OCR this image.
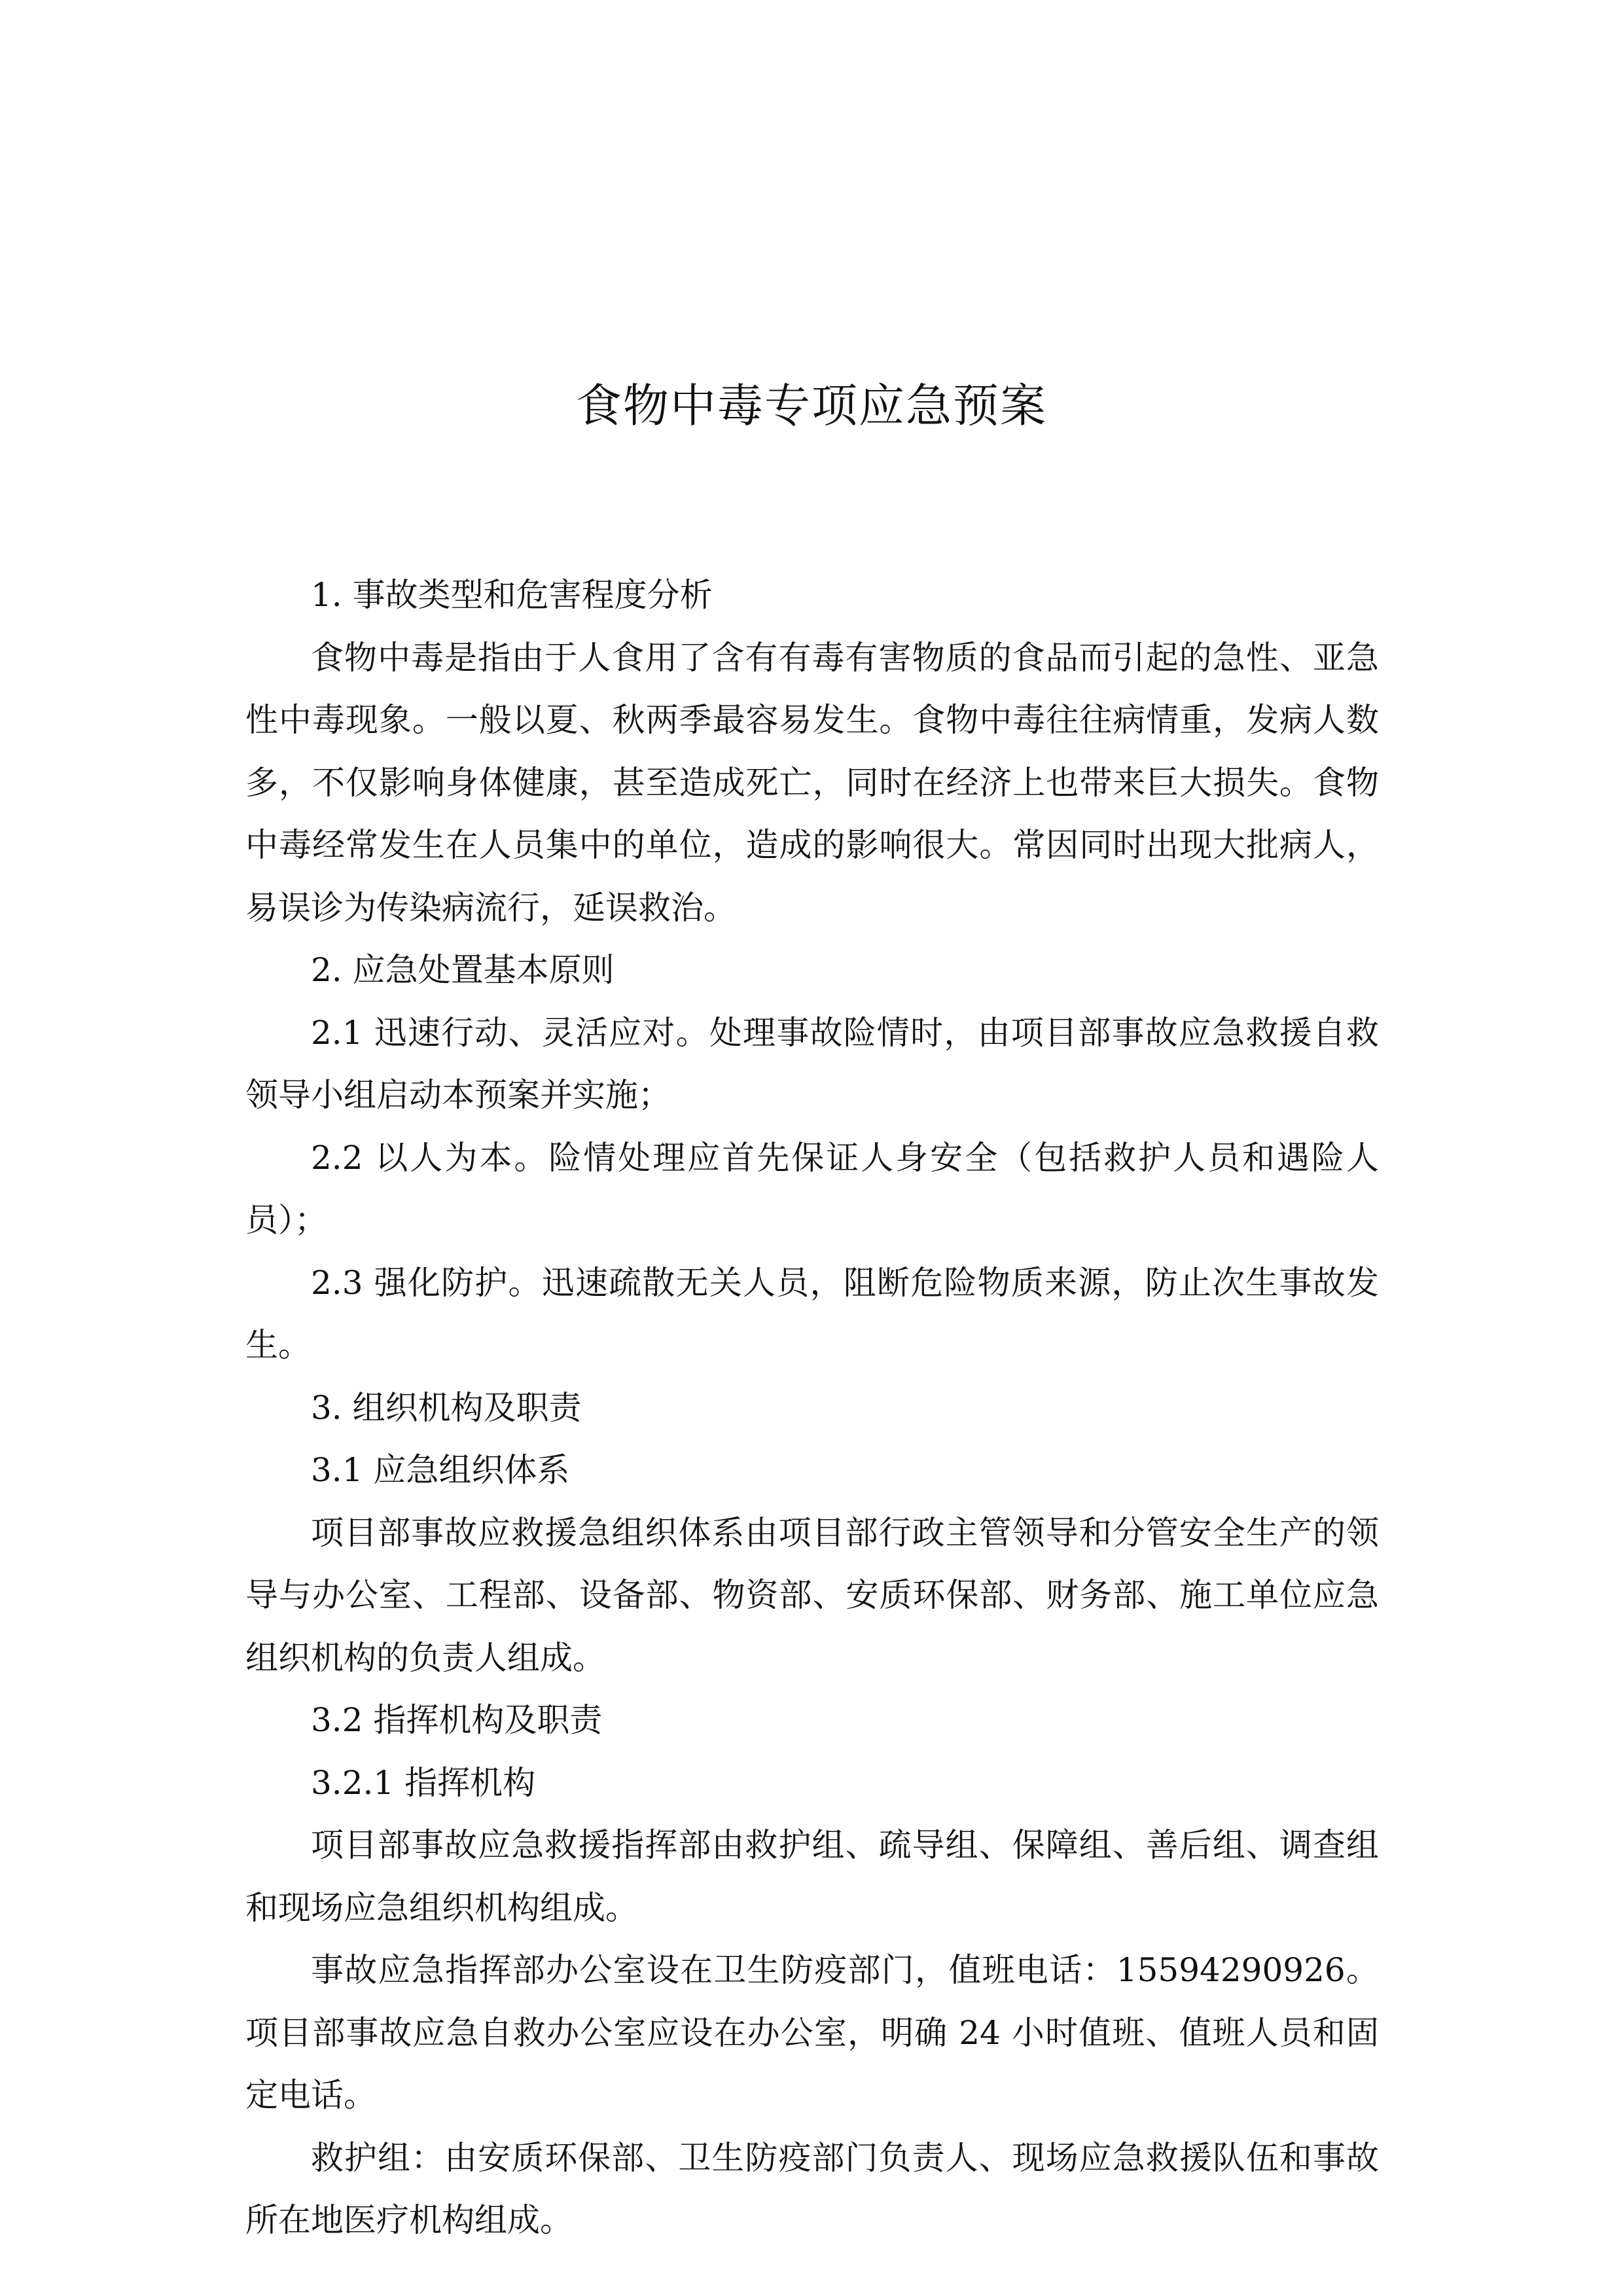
食物中毒专项应急预案

1. 事故类型和危害程度分析

食物中毒是指由于人食用了含有有毒有害物质的食品而引起的急性、亚急性中毒现象。一般以夏、秋两季最容易发生。食物中毒往往病情重，发病人数多，不仅影响身体健康，甚至造成死亡，同时在经济上也带来巨大损失。食物中毒经常发生在人员集中的单位，造成的影响很大。常因同时出现大批病人，易误诊为传染病流行，延误救治。

2. 应急处置基本原则

2.1 迅速行动、灵活应对。处理事故险情时，由项目部事故应急救援自救领导小组启动本预案并实施；

2.2 以人为本。险情处理应首先保证人身安全（包括救护人员和遇险人员）；

2.3 强化防护。迅速疏散无关人员，阻断危险物质来源，防止次生事故发生。

3. 组织机构及职责

3.1 应急组织体系

项目部事故应救援急组织体系由项目部行政主管领导和分管安全生产的领导与办公室、工程部、设备部、物资部、安质环保部、财务部、施工单位应急组织机构的负责人组成。

3.2 指挥机构及职责

3.2.1 指挥机构

项目部事故应急救援指挥部由救护组、疏导组、保障组、善后组、调查组和现场应急组织机构组成。

事故应急指挥部办公室设在卫生防疫部门，值班电话：15594290926。项目部事故应急自救办公室应设在办公室，明确 24 小时值班、值班人员和固定电话。

救护组：由安质环保部、卫生防疫部门负责人、现场应急救援队伍和事故所在地医疗机构组成。
